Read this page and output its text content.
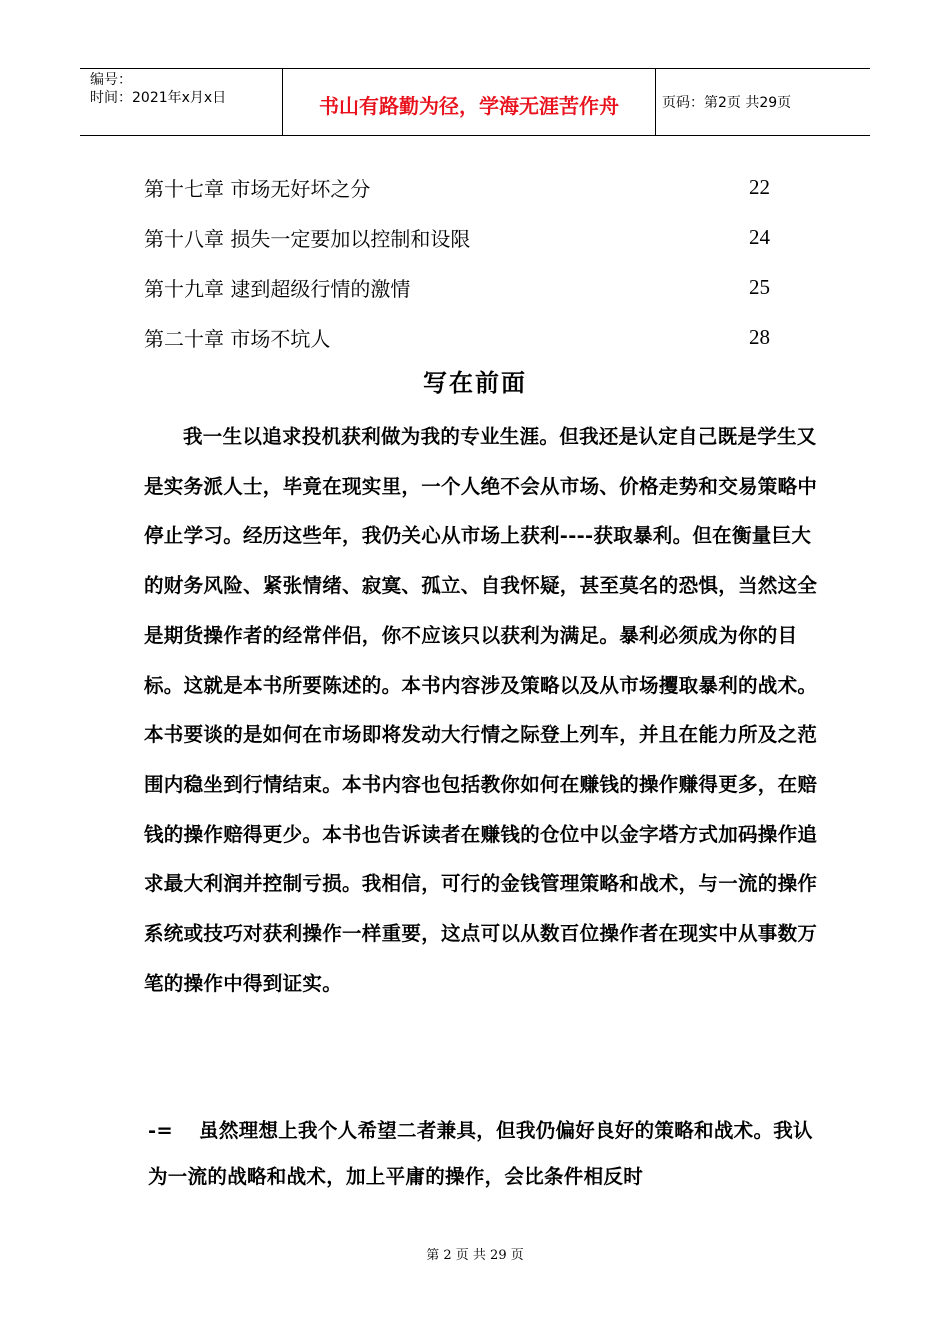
编号：
时间：2021年x月x日	书山有路勤为径，学海无涯苦作舟	页码：第2页 共29页
第十七章 市场无好坏之分	22
第十八章 损失一定要加以控制和设限	24
第十九章 逮到超级行情的激情	25
第二十章 市场不坑人	28
写在前面

我一生以追求投机获利做为我的专业生涯。但我还是认定自己既是学生又是实务派人士，毕竟在现实里，一个人绝不会从市场、价格走势和交易策略中停止学习。经历这些年，我仍关心从市场上获利----获取暴利。但在衡量巨大的财务风险、紧张情绪、寂寞、孤立、自我怀疑，甚至莫名的恐惧，当然这全是期货操作者的经常伴侣，你不应该只以获利为满足。暴利必须成为你的目标。这就是本书所要陈述的。本书内容涉及策略以及从市场攫取暴利的战术。本书要谈的是如何在市场即将发动大行情之际登上列车，并且在能力所及之范围内稳坐到行情结束。本书内容也包括教你如何在赚钱的操作赚得更多，在赔钱的操作赔得更少。本书也告诉读者在赚钱的仓位中以金字塔方式加码操作追求最大利润并控制亏损。我相信，可行的金钱管理策略和战术，与一流的操作系统或技巧对获利操作一样重要，这点可以从数百位操作者在现实中从事数万笔的操作中得到证实。

-= 虽然理想上我个人希望二者兼具，但我仍偏好良好的策略和战术。我认为一流的战略和战术，加上平庸的操作，会比条件相反时
第 2 页 共 29 页
